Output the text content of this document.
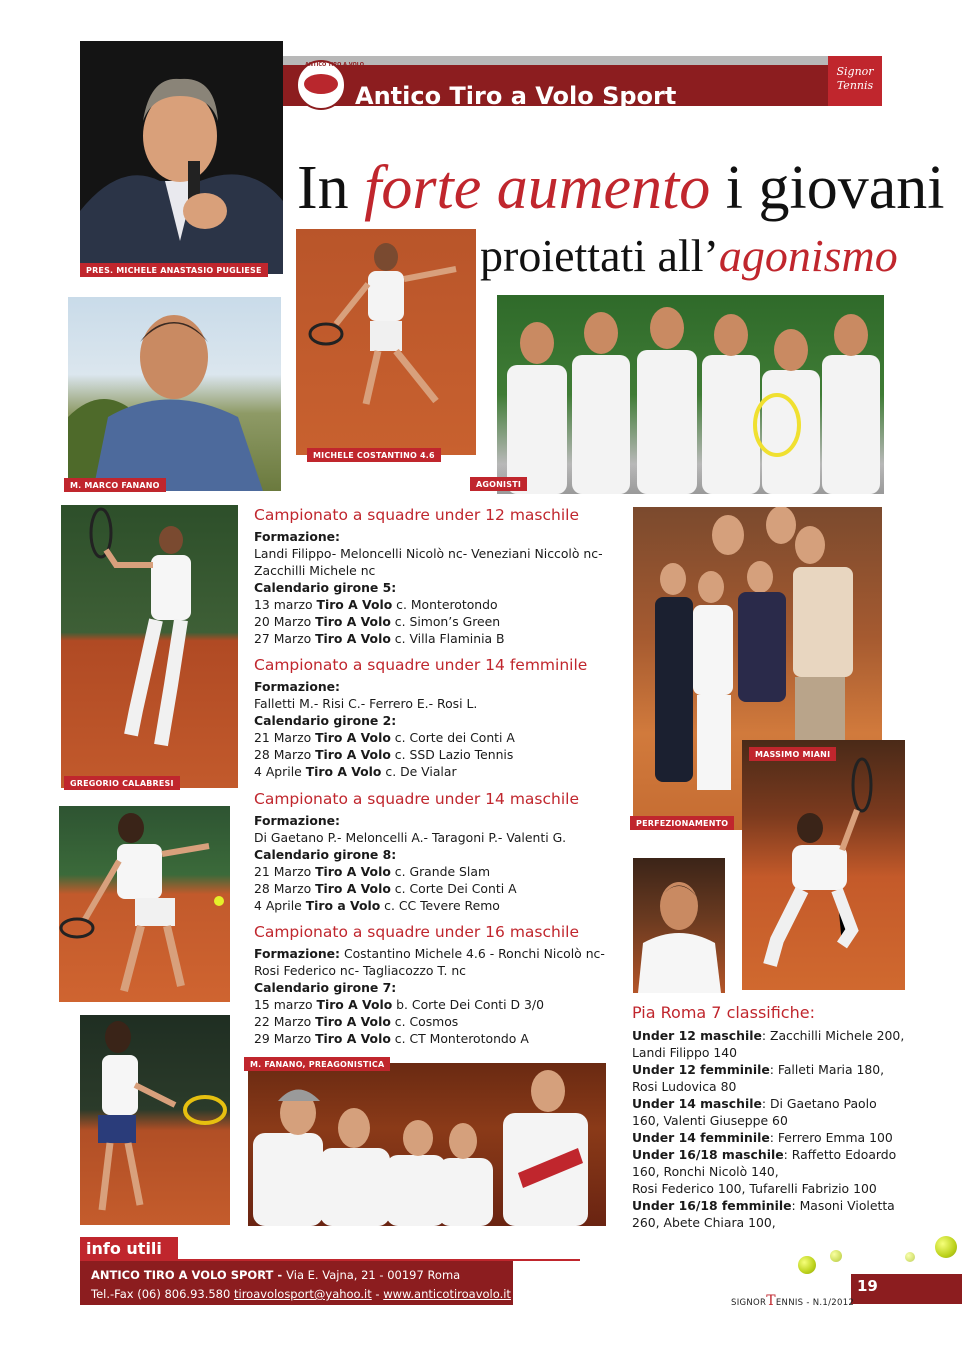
ANTICO TIRO A VOLO
Antico Tiro a Volo Sport
Signor
Tennis
In forte aumento i giovani
proiettati all’agonismo
PRES. MICHELE ANASTASIO PUGLIESE
M. MARCO FANANO
MICHELE COSTANTINO 4.6
AGONISTI
GREGORIO CALABRESI
M. FANANO, PREAGONISTICA
PERFEZIONAMENTO
MASSIMO MIANI
Campionato a squadre under 12 maschile

Formazione:

Landi Filippo- Meloncelli Nicolò nc- Veneziani Niccolò nc-

Zacchilli Michele nc

Calendario girone 5:

13 marzo Tiro A Volo c. Monterotondo

20 Marzo Tiro A Volo c. Simon’s Green

27 Marzo Tiro A Volo c. Villa Flaminia B

Campionato a squadre under 14 femminile

Formazione:

Falletti M.- Risi C.- Ferrero E.- Rosi L.

Calendario girone 2:

21 Marzo Tiro A Volo c. Corte dei Conti A

28 Marzo Tiro A Volo c. SSD Lazio Tennis

4 Aprile Tiro A Volo c. De Vialar

Campionato a squadre under 14 maschile

Formazione:

Di Gaetano P.- Meloncelli A.- Taragoni P.- Valenti G.

Calendario girone 8:

21 Marzo Tiro A Volo c. Grande Slam

28 Marzo Tiro A Volo c. Corte Dei Conti A

4 Aprile Tiro a Volo c. CC Tevere Remo

Campionato a squadre under 16 maschile

Formazione: Costantino Michele 4.6 - Ronchi Nicolò nc-

Rosi Federico nc- Tagliacozzo T. nc

Calendario girone 7:

15 marzo Tiro A Volo b. Corte Dei Conti D 3/0

22 Marzo Tiro A Volo c. Cosmos

29 Marzo Tiro A Volo c. CT Monterotondo A

Pia Roma 7 classifiche:

Under 12 maschile: Zacchilli Michele 200,

Landi Filippo 140

Under 12 femminile: Falleti Maria 180,

Rosi Ludovica 80

Under 14 maschile: Di Gaetano Paolo

160, Valenti Giuseppe 60

Under 14 femminile: Ferrero Emma 100

Under 16/18 maschile: Raffetto Edoardo

160, Ronchi Nicolò 140,

Rosi Federico 100, Tufarelli Fabrizio 100

Under 16/18 femminile: Masoni Violetta

260, Abete Chiara 100,

info utili
ANTICO TIRO A VOLO SPORT - Via E. Vajna, 21 - 00197 Roma
Tel.-Fax (06) 806.93.580 tiroavolosport@yahoo.it - www.anticotiroavolo.it	19
SIGNORTENNIS - N.1/2012
